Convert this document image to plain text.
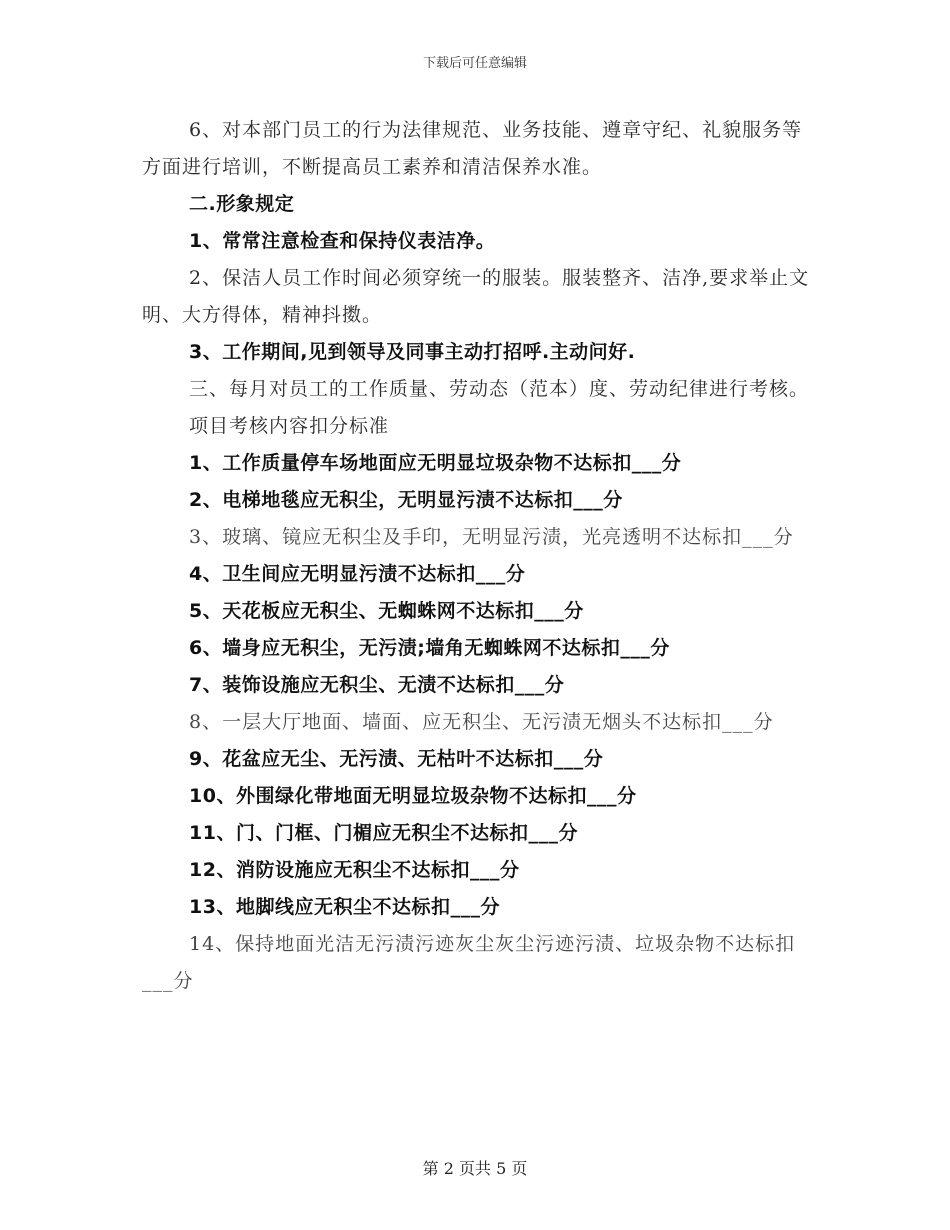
下载后可任意编辑

6、对本部门员工的行为法律规范、业务技能、遵章守纪、礼貌服务等方面进行培训，不断提高员工素养和清洁保养水准。

二.形象规定

1、常常注意检查和保持仪表洁净。

2、保洁人员工作时间必须穿统一的服装。服装整齐、洁净,要求举止文明、大方得体，精神抖擞。

3、工作期间,见到领导及同事主动打招呼.主动问好.

三、每月对员工的工作质量、劳动态（范本）度、劳动纪律进行考核。

项目考核内容扣分标准

1、工作质量停车场地面应无明显垃圾杂物不达标扣___分

2、电梯地毯应无积尘，无明显污渍不达标扣___分

3、玻璃、镜应无积尘及手印，无明显污渍，光亮透明不达标扣___分

4、卫生间应无明显污渍不达标扣___分

5、天花板应无积尘、无蜘蛛网不达标扣___分

6、墙身应无积尘，无污渍;墙角无蜘蛛网不达标扣___分

7、装饰设施应无积尘、无渍不达标扣___分

8、一层大厅地面、墙面、应无积尘、无污渍无烟头不达标扣___分

9、花盆应无尘、无污渍、无枯叶不达标扣___分

10、外围绿化带地面无明显垃圾杂物不达标扣___分

11、门、门框、门楣应无积尘不达标扣___分

12、消防设施应无积尘不达标扣___分

13、地脚线应无积尘不达标扣___分

14、保持地面光洁无污渍污迹灰尘灰尘污迹污渍、垃圾杂物不达标扣___分

第 2 页共 5 页
